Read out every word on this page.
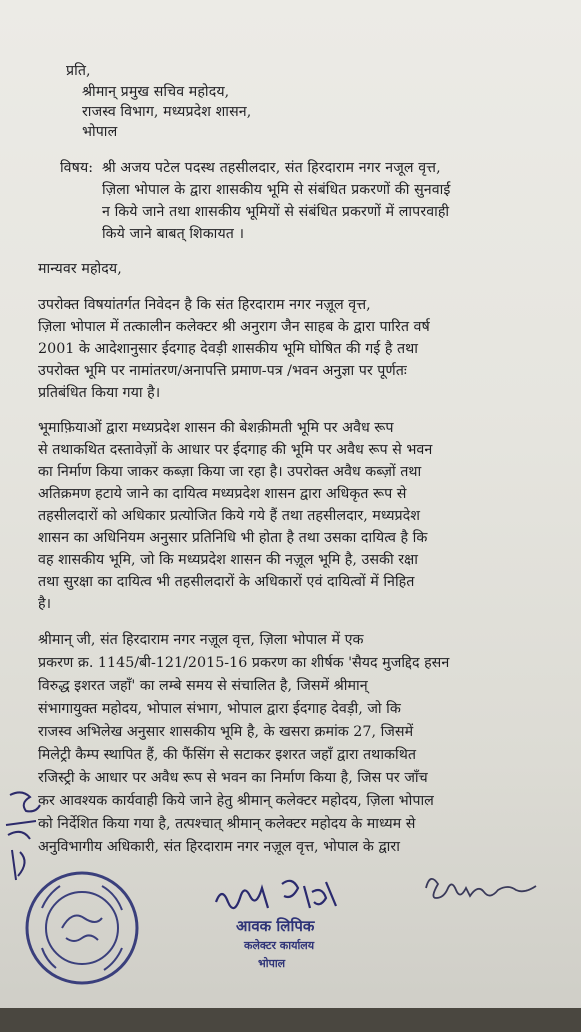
प्रति,
श्रीमान् प्रमुख सचिव महोदय,
राजस्व विभाग, मध्यप्रदेश शासन,
भोपाल
विषय: श्री अजय पटेल पदस्थ तहसीलदार, संत हिरदाराम नगर नजूल वृत्त,
ज़िला भोपाल के द्वारा शासकीय भूमि से संबंधित प्रकरणों की सुनवाई
न किये जाने तथा शासकीय भूमियों से संबंधित प्रकरणों में लापरवाही
किये जाने बाबत् शिकायत ।
मान्यवर महोदय,
उपरोक्त विषयांतर्गत निवेदन है कि संत हिरदाराम नगर नज़ूल वृत्त,
ज़िला भोपाल में तत्कालीन कलेक्टर श्री अनुराग जैन साहब के द्वारा पारित वर्ष
2001 के आदेशानुसार ईदगाह देवड़ी शासकीय भूमि घोषित की गई है तथा
उपरोक्त भूमि पर नामांतरण/अनापत्ति प्रमाण-पत्र /भवन अनुज्ञा पर पूर्णतः
प्रतिबंधित किया गया है।
भूमाफ़ियाओं द्वारा मध्यप्रदेश शासन की बेशक़ीमती भूमि पर अवैध रूप
से तथाकथित दस्तावेज़ों के आधार पर ईदगाह की भूमि पर अवैध रूप से भवन
का निर्माण किया जाकर कब्ज़ा किया जा रहा है। उपरोक्त अवैध कब्ज़ों तथा
अतिक्रमण हटाये जाने का दायित्व मध्यप्रदेश शासन द्वारा अधिकृत रूप से
तहसीलदारों को अधिकार प्रत्योजित किये गये हैं तथा तहसीलदार, मध्यप्रदेश
शासन का अधिनियम अनुसार प्रतिनिधि भी होता है तथा उसका दायित्व है कि
वह शासकीय भूमि, जो कि मध्यप्रदेश शासन की नज़ूल भूमि है, उसकी रक्षा
तथा सुरक्षा का दायित्व भी तहसीलदारों के अधिकारों एवं दायित्वों में निहित
है।
श्रीमान् जी, संत हिरदाराम नगर नज़ूल वृत्त, ज़िला भोपाल में एक
प्रकरण क्र. 1145/बी-121/2015-16 प्रकरण का शीर्षक 'सैयद मुजद्दिद हसन
विरुद्ध इशरत जहाँ' का लम्बे समय से संचालित है, जिसमें श्रीमान्
संभागायुक्त महोदय, भोपाल संभाग, भोपाल द्वारा ईदगाह देवड़ी, जो कि
राजस्व अभिलेख अनुसार शासकीय भूमि है, के खसरा क्रमांक 27, जिसमें
मिलेट्री कैम्प स्थापित हैं, की फैंसिंग से सटाकर इशरत जहाँ द्वारा तथाकथित
रजिस्ट्री के आधार पर अवैध रूप से भवन का निर्माण किया है, जिस पर जाँच
कर आवश्यक कार्यवाही किये जाने हेतु श्रीमान् कलेक्टर महोदय, ज़िला भोपाल
को निर्देशित किया गया है, तत्पश्चात् श्रीमान् कलेक्टर महोदय के माध्यम से
अनुविभागीय अधिकारी, संत हिरदाराम नगर नज़ूल वृत्त, भोपाल के द्वारा
आवक लिपिक
कलेक्टर कार्यालय
भोपाल
